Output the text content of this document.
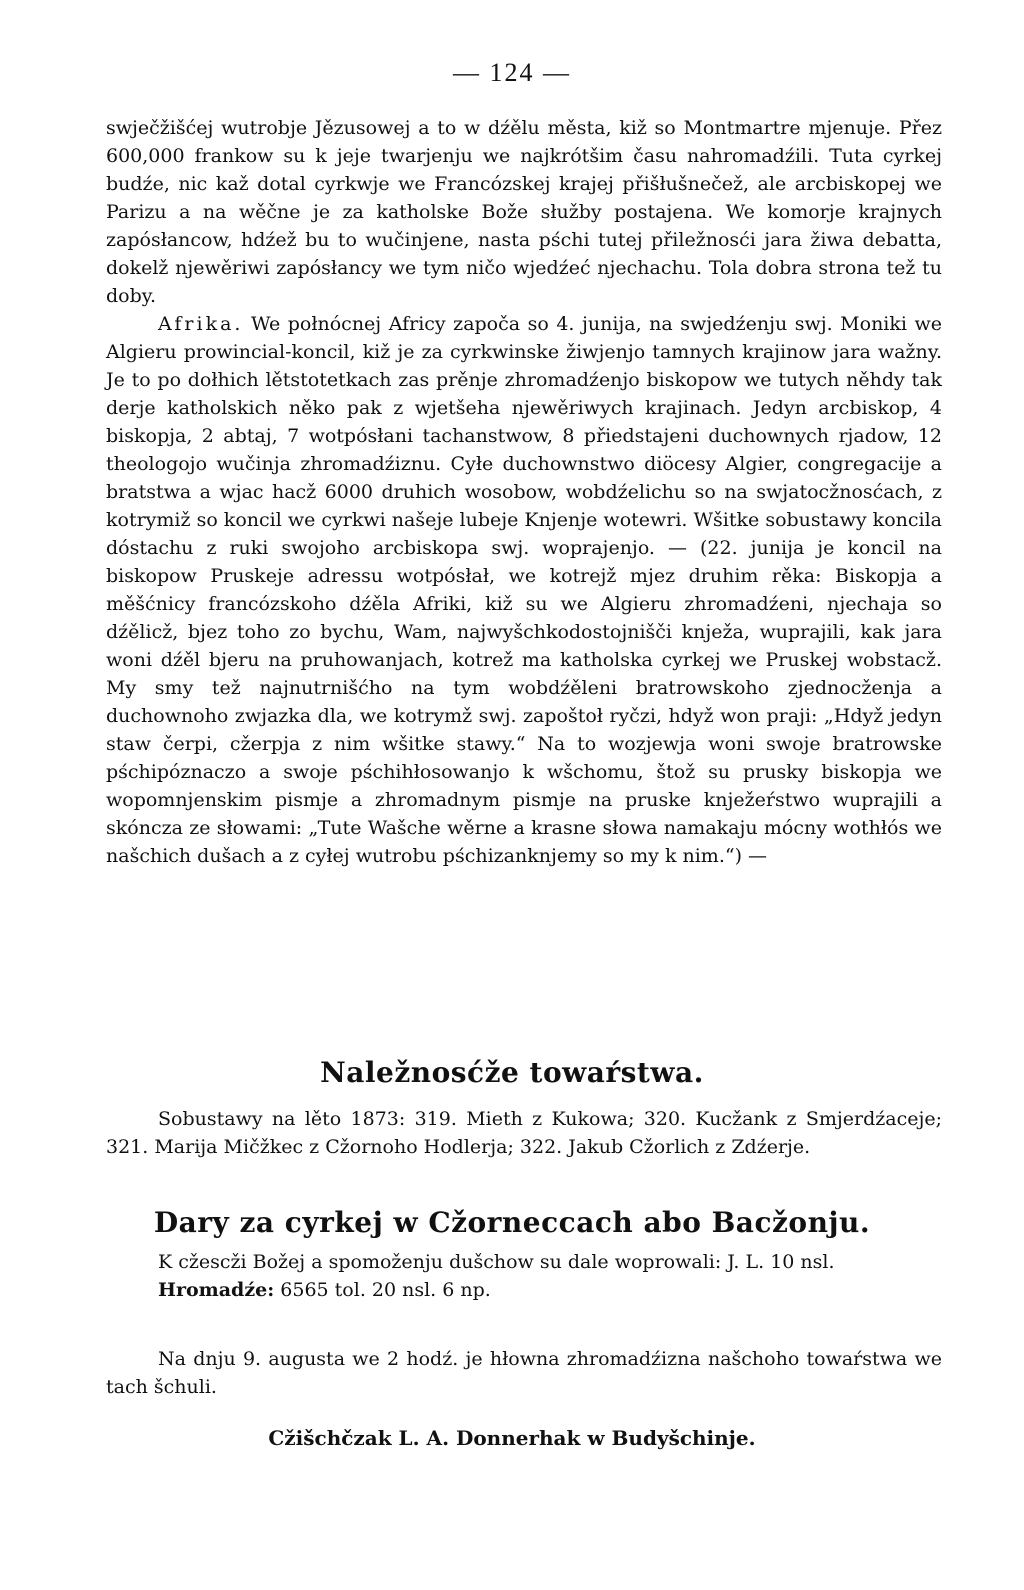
— 124 —

swječžišćej wutrobje Jězusowej a to w dźělu města, kiž so Montmartre mjenuje. Přez 600,000 frankow su k jeje twarjenju we najkrótšim času nahromadźili. Tuta cyrkej budźe, nic kaž dotal cyrkwje we Francózskej krajej přišłušnečež, ale arcbiskopej we Parizu a na wěčne je za katholske Bože słužby postajena. We komorje krajnych zapósłancow, hdźež bu to wučinjene, nasta pśchi tutej přiležnosći jara žiwa debatta, dokelž njewěriwi zapósłancy we tym ničo wjedźeć njechachu. Tola dobra strona tež tu doby.

Afrika. We połnócnej Africy započa so 4. junija, na swjedźenju swj. Moniki we Algieru prowincial-koncil, kiž je za cyrkwinske žiwjenjo tamnych krajinow jara wažny. Je to po dołhich lětstotetkach zas prěnje zhromadźenjo biskopow we tutych něhdy tak derje katholskich něko pak z wjetšeha njewěriwych krajinach. Jedyn arcbiskop, 4 biskopja, 2 abtaj, 7 wotpósłani tachanstwow, 8 přiedstajeni duchownych rjadow, 12 theologojo wučinja zhromadźiznu. Cyłe duchownstwo diöcesy Algier, congregacije a bratstwa a wjac hacž 6000 druhich wosobow, wobdźelichu so na swjatocžnosćach, z kotrymiž so koncil we cyrkwi našeje lubeje Knjenje wotewri. Wšitke sobustawy koncila dóstachu z ruki swojoho arcbiskopa swj. woprajenjo. — (22. junija je koncil na biskopow Pruskeje adressu wotpósłał, we kotrejž mjez druhim rěka: Biskopja a měšćnicy francózskoho dźěla Afriki, kiž su we Algieru zhromadźeni, njechaja so dźělicž, bjez toho zo bychu, Wam, najwyšchkodostojnišči knježa, wuprajili, kak jara woni dźěl bjeru na pruhowanjach, kotrež ma katholska cyrkej we Pruskej wobstacž. My smy tež najnutrnišćho na tym wobdźěleni bratrowskoho zjednocženja a duchownoho zwjazka dla, we kotrymž swj. zapoštoł ryčzi, hdyž won praji: „Hdyž jedyn staw čerpi, cžerpja z nim wšitke stawy.“ Na to wozjewja woni swoje bratrowske pśchipóznaczo a swoje pśchihłosowanjo k wšchomu, štož su prusky biskopja we wopomnjenskim pismje a zhromadnym pismje na pruske knježeŕstwo wuprajili a skóncza ze słowami: „Tute Wašche wěrne a krasne słowa namakaju mócny wothłós we našchich dušach a z cyłej wutrobu pśchizanknjemy so my k nim.“) —

Naležnosćže towaŕstwa.

Sobustawy na lěto 1873: 319. Mieth z Kukowa; 320. Kucžank z Smjerdźaceje; 321. Marija Mičžkec z Cžornoho Hodlerja; 322. Jakub Cžorlich z Zdźerje.

Dary za cyrkej w Cžorneccach abo Bacžonju.

K cžescži Božej a spomoženju dušchow su dale woprowali: J. L. 10 nsl.

Hromadźe: 6565 tol. 20 nsl. 6 np.

Na dnju 9. augusta we 2 hodź. je hłowna zhromadźizna našchoho towaŕstwa we tach šchuli.

Cžišchčzak L. A. Donnerhak w Budyšchinje.
